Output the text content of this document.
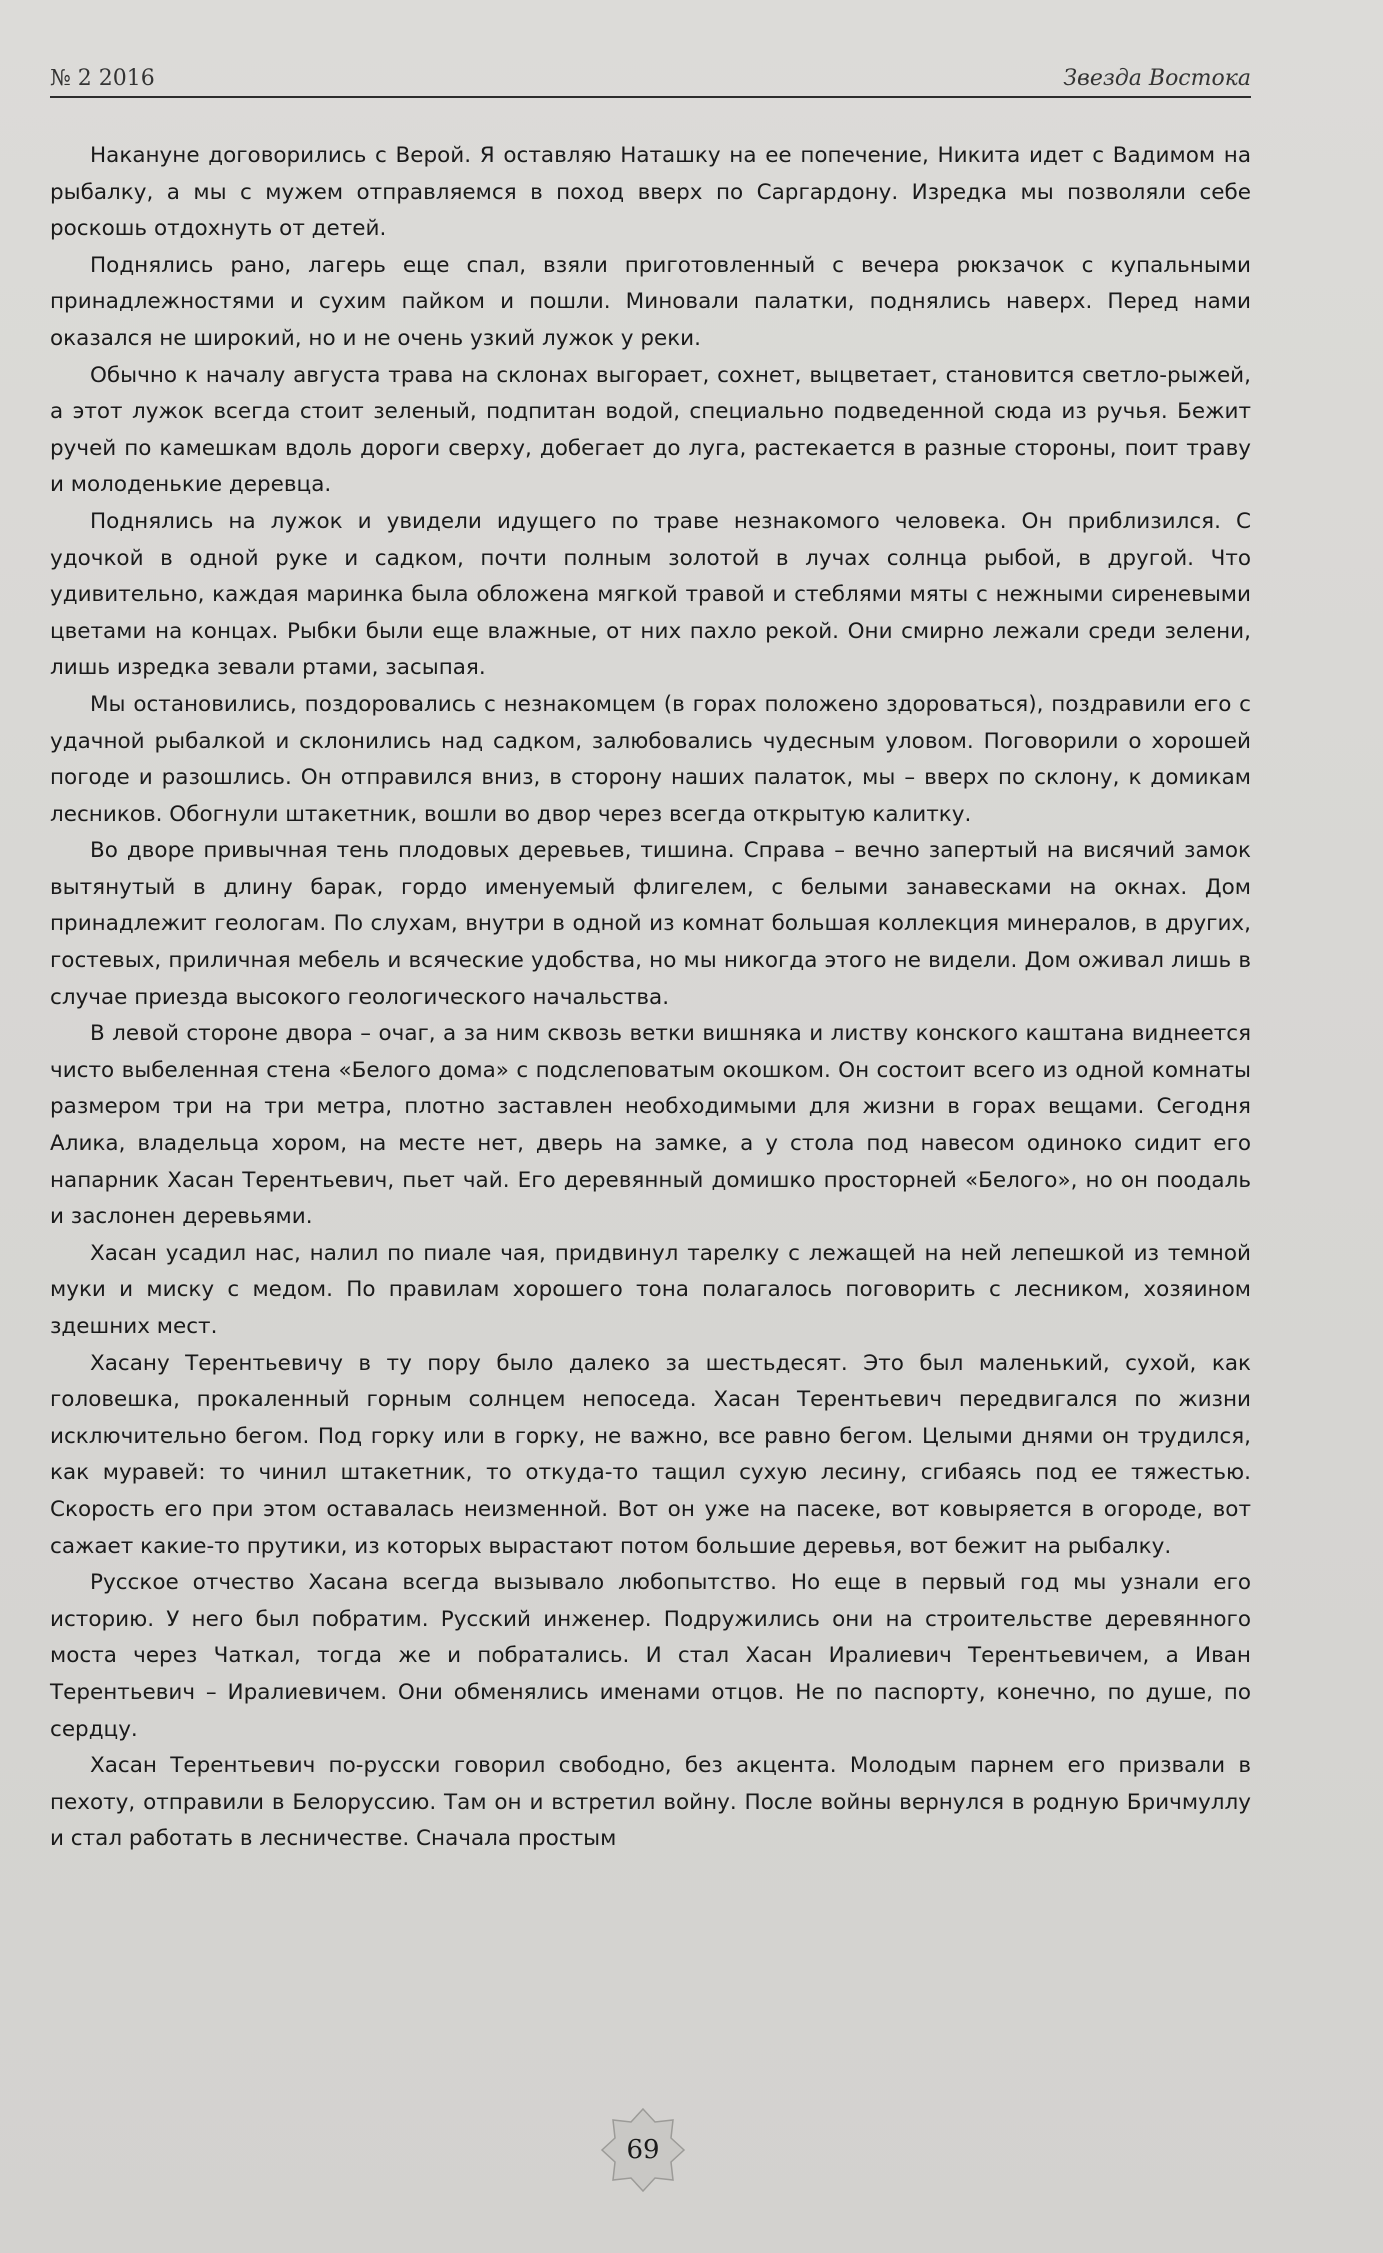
№ 2 2016	Звезда Востока

Накануне договорились с Верой. Я оставляю Наташку на ее попечение, Никита идет с Вадимом на рыбалку, а мы с мужем отправляемся в поход вверх по Саргардону. Изредка мы позволяли себе роскошь отдохнуть от детей.

Поднялись рано, лагерь еще спал, взяли приготовленный с вечера рюкзачок с купальными принадлежностями и сухим пайком и пошли. Миновали палатки, поднялись наверх. Перед нами оказался не широкий, но и не очень узкий лужок у реки.

Обычно к началу августа трава на склонах выгорает, сохнет, выцветает, становится светло-рыжей, а этот лужок всегда стоит зеленый, подпитан водой, специально подведенной сюда из ручья. Бежит ручей по камешкам вдоль дороги сверху, добегает до луга, растекается в разные стороны, поит траву и молоденькие деревца.

Поднялись на лужок и увидели идущего по траве незнакомого человека. Он приблизился. С удочкой в одной руке и садком, почти полным золотой в лучах солнца рыбой, в другой. Что удивительно, каждая маринка была обложена мягкой травой и стеблями мяты с нежными сиреневыми цветами на концах. Рыбки были еще влажные, от них пахло рекой. Они смирно лежали среди зелени, лишь изредка зевали ртами, засыпая.

Мы остановились, поздоровались с незнакомцем (в горах положено здороваться), поздравили его с удачной рыбалкой и склонились над садком, залюбовались чудесным уловом. Поговорили о хорошей погоде и разошлись. Он отправился вниз, в сторону наших палаток, мы – вверх по склону, к домикам лесников. Обогнули штакетник, вошли во двор через всегда открытую калитку.

Во дворе привычная тень плодовых деревьев, тишина. Справа – вечно запертый на висячий замок вытянутый в длину барак, гордо именуемый флигелем, с белыми занавесками на окнах. Дом принадлежит геологам. По слухам, внутри в одной из комнат большая коллекция минералов, в других, гостевых, приличная мебель и всяческие удобства, но мы никогда этого не видели. Дом оживал лишь в случае приезда высокого геологического начальства.

В левой стороне двора – очаг, а за ним сквозь ветки вишняка и листву конского каштана виднеется чисто выбеленная стена «Белого дома» с подслеповатым окошком. Он состоит всего из одной комнаты размером три на три метра, плотно заставлен необходимыми для жизни в горах вещами. Сегодня Алика, владельца хором, на месте нет, дверь на замке, а у стола под навесом одиноко сидит его напарник Хасан Терентьевич, пьет чай. Его деревянный домишко просторней «Белого», но он поодаль и заслонен деревьями.

Хасан усадил нас, налил по пиале чая, придвинул тарелку с лежащей на ней лепешкой из темной муки и миску с медом. По правилам хорошего тона полагалось поговорить с лесником, хозяином здешних мест.

Хасану Терентьевичу в ту пору было далеко за шестьдесят. Это был маленький, сухой, как головешка, прокаленный горным солнцем непоседа. Хасан Терентьевич передвигался по жизни исключительно бегом. Под горку или в горку, не важно, все равно бегом. Целыми днями он трудился, как муравей: то чинил штакетник, то откуда-то тащил сухую лесину, сгибаясь под ее тяжестью. Скорость его при этом оставалась неизменной. Вот он уже на пасеке, вот ковыряется в огороде, вот сажает какие-то прутики, из которых вырастают потом большие деревья, вот бежит на рыбалку.

Русское отчество Хасана всегда вызывало любопытство. Но еще в первый год мы узнали его историю. У него был побратим. Русский инженер. Подружились они на строительстве деревянного моста через Чаткал, тогда же и побратались. И стал Хасан Иралиевич Терентьевичем, а Иван Терентьевич – Иралиевичем. Они обменялись именами отцов. Не по паспорту, конечно, по душе, по сердцу.

Хасан Терентьевич по-русски говорил свободно, без акцента. Молодым парнем его призвали в пехоту, отправили в Белоруссию. Там он и встретил войну. После войны вернулся в родную Бричмуллу и стал работать в лесничестве. Сначала простым

69
